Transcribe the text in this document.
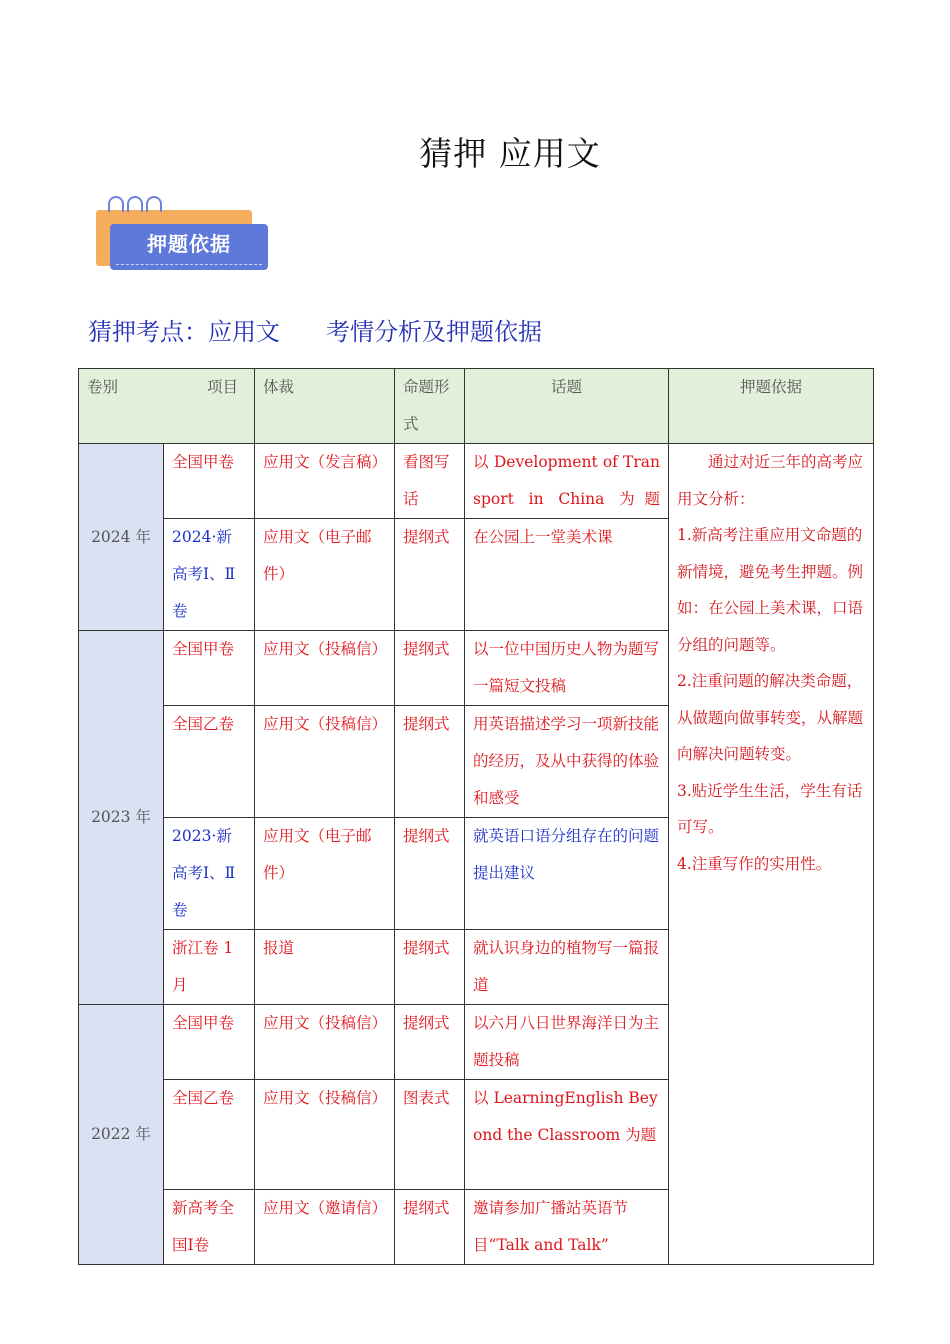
猜押 应用文
押题依据
猜押考点：应用文 考情分析及押题依据
卷别 项目		体裁	命题形式	话题	押题依据
2024 年	全国甲卷	应用文（发言稿）	看图写话	以 Development of Transport in China 为题	通过对近三年的高考应用文分析：
1.新高考注重应用文命题的新情境，避免考生押题。例如：在公园上美术课，口语分组的问题等。
2.注重问题的解决类命题，从做题向做事转变，从解题向解决问题转变。
3.贴近学生生活，学生有话可写。
4.注重写作的实用性。

	2024·新高考Ⅰ、Ⅱ卷	应用文（电子邮件）	提纲式	在公园上一堂美术课	
2023 年	全国甲卷	应用文（投稿信）	提纲式	以一位中国历史人物为题写一篇短文投稿	
	全国乙卷	应用文（投稿信）	提纲式	用英语描述学习一项新技能的经历，及从中获得的体验和感受	
	2023·新高考Ⅰ、Ⅱ卷	应用文（电子邮件）	提纲式	就英语口语分组存在的问题提出建议	
	浙江卷 1 月	报道	提纲式	就认识身边的植物写一篇报道	
2022 年	全国甲卷	应用文（投稿信）	提纲式	以六月八日世界海洋日为主题投稿	
	全国乙卷	应用文（投稿信）	图表式	以 LearningEnglish Beyond the Classroom 为题	
	新高考全国Ⅰ卷	应用文（邀请信）	提纲式	邀请参加广播站英语节目“Talk and Talk”	
